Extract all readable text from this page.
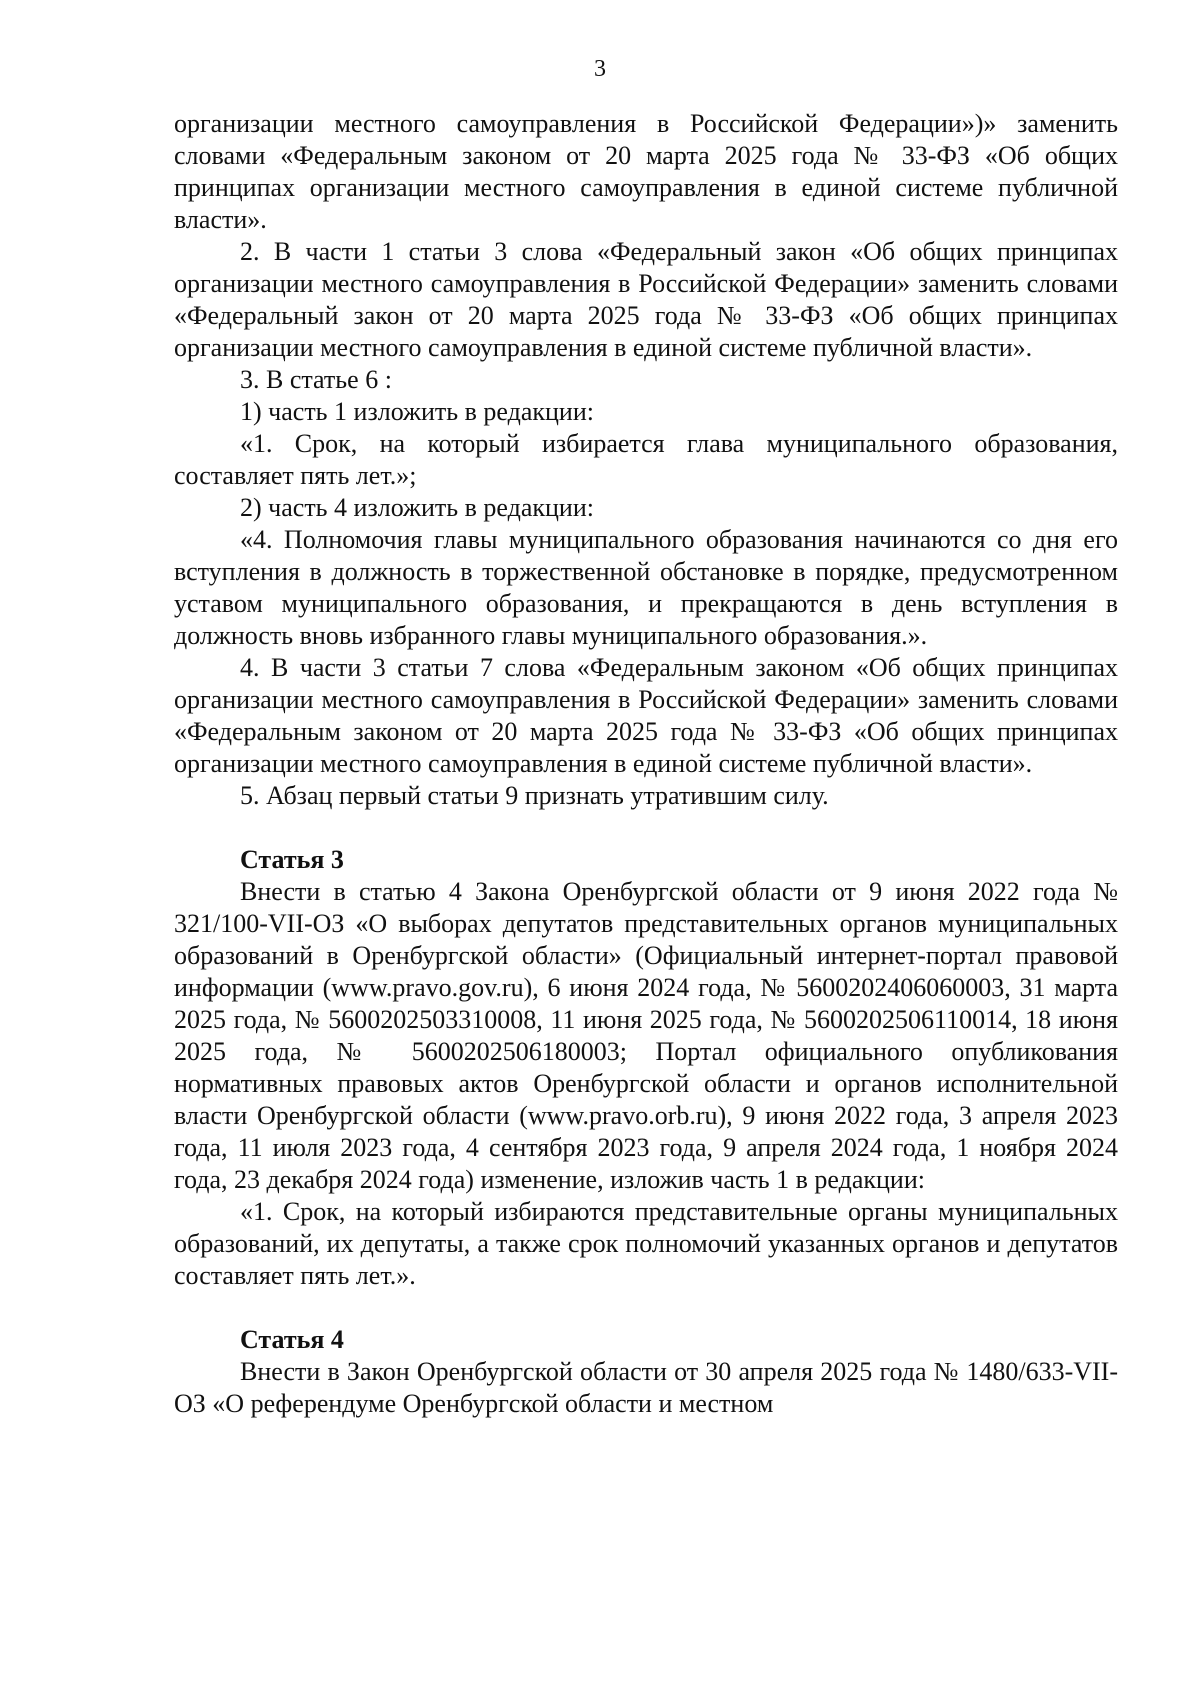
3

организации местного самоуправления в Российской Федерации»)» заменить словами «Федеральным законом от 20 марта 2025 года № 33-ФЗ «Об общих принципах организации местного самоуправления в единой системе публичной власти».

2. В части 1 статьи 3 слова «Федеральный закон «Об общих принципах организации местного самоуправления в Российской Федерации» заменить словами «Федеральный закон от 20 марта 2025 года № 33-ФЗ «Об общих принципах организации местного самоуправления в единой системе публичной власти».

3. В статье 6 :

1) часть 1 изложить в редакции:

«1. Срок, на который избирается глава муниципального образования, составляет пять лет.»;

2) часть 4 изложить в редакции:

«4. Полномочия главы муниципального образования начинаются со дня его вступления в должность в торжественной обстановке в порядке, предусмотренном уставом муниципального образования, и прекращаются в день вступления в должность вновь избранного главы муниципального образования.».

4. В части 3 статьи 7 слова «Федеральным законом «Об общих принципах организации местного самоуправления в Российской Федерации» заменить словами «Федеральным законом от 20 марта 2025 года № 33-ФЗ «Об общих принципах организации местного самоуправления в единой системе публичной власти».

5. Абзац первый статьи 9 признать утратившим силу.

Статья 3

Внести в статью 4 Закона Оренбургской области от 9 июня 2022 года № 321/100-VII-ОЗ «О выборах депутатов представительных органов муниципальных образований в Оренбургской области» (Официальный интернет-портал правовой информации (www.pravo.gov.ru), 6 июня 2024 года, № 5600202406060003, 31 марта 2025 года, № 5600202503310008, 11 июня 2025 года, № 5600202506110014, 18 июня 2025 года, № 5600202506180003; Портал официального опубликования нормативных правовых актов Оренбургской области и органов исполнительной власти Оренбургской области (www.pravo.orb.ru), 9 июня 2022 года, 3 апреля 2023 года, 11 июля 2023 года, 4 сентября 2023 года, 9 апреля 2024 года, 1 ноября 2024 года, 23 декабря 2024 года) изменение, изложив часть 1 в редакции:

«1. Срок, на который избираются представительные органы муниципальных образований, их депутаты, а также срок полномочий указанных органов и депутатов составляет пять лет.».

Статья 4

Внести в Закон Оренбургской области от 30 апреля 2025 года № 1480/633-VII-ОЗ «О референдуме Оренбургской области и местном
